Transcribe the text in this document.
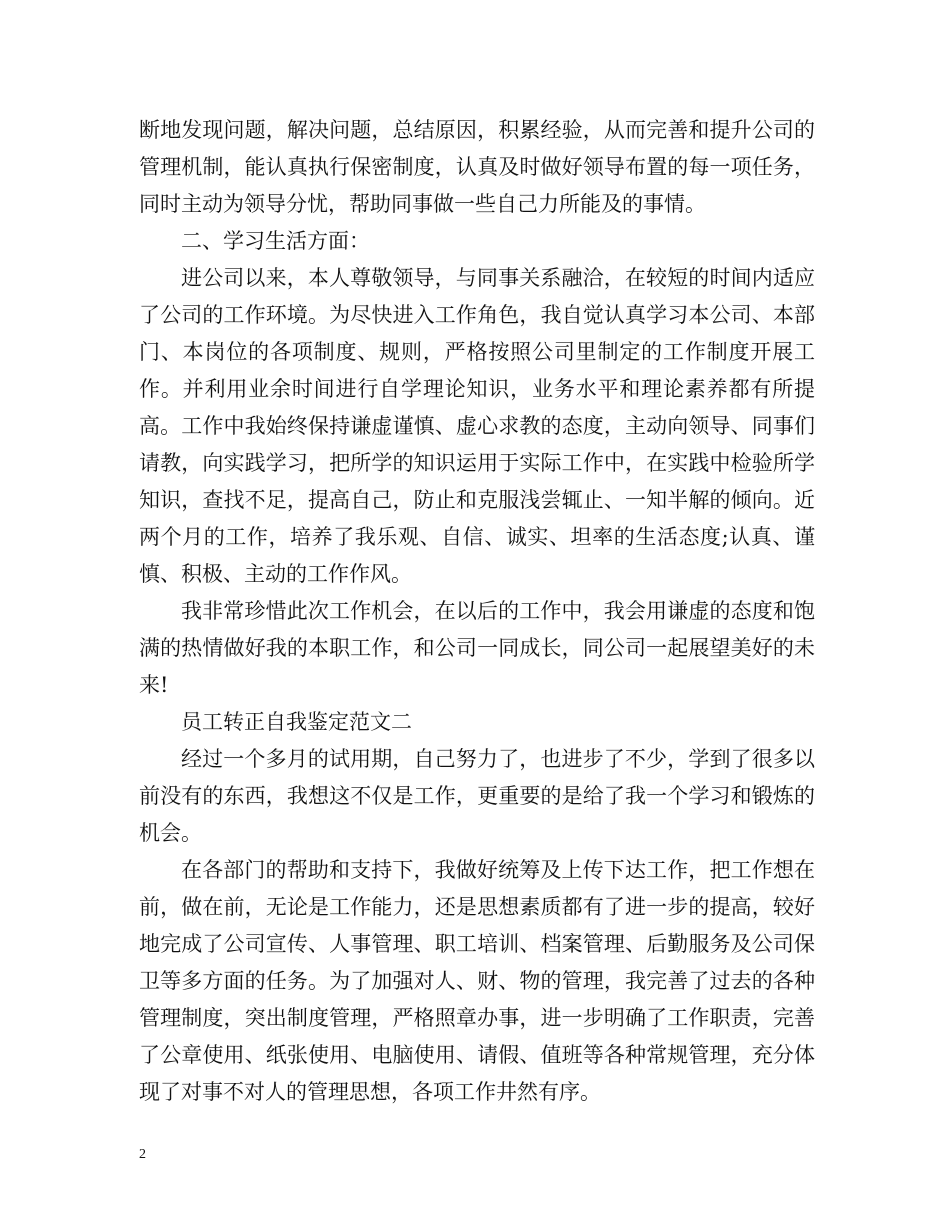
断地发现问题，解决问题，总结原因，积累经验，从而完善和提升公司的管理机制，能认真执行保密制度，认真及时做好领导布置的每一项任务，同时主动为领导分忧，帮助同事做一些自己力所能及的事情。

二、学习生活方面：

进公司以来，本人尊敬领导，与同事关系融洽，在较短的时间内适应了公司的工作环境。为尽快进入工作角色，我自觉认真学习本公司、本部门、本岗位的各项制度、规则，严格按照公司里制定的工作制度开展工作。并利用业余时间进行自学理论知识，业务水平和理论素养都有所提高。工作中我始终保持谦虚谨慎、虚心求教的态度，主动向领导、同事们请教，向实践学习，把所学的知识运用于实际工作中，在实践中检验所学知识，查找不足，提高自己，防止和克服浅尝辄止、一知半解的倾向。近两个月的工作，培养了我乐观、自信、诚实、坦率的生活态度;认真、谨慎、积极、主动的工作作风。

我非常珍惜此次工作机会，在以后的工作中，我会用谦虚的态度和饱满的热情做好我的本职工作，和公司一同成长，同公司一起展望美好的未来!

员工转正自我鉴定范文二

经过一个多月的试用期，自己努力了，也进步了不少，学到了很多以前没有的东西，我想这不仅是工作，更重要的是给了我一个学习和锻炼的机会。

在各部门的帮助和支持下，我做好统筹及上传下达工作，把工作想在前，做在前，无论是工作能力，还是思想素质都有了进一步的提高，较好地完成了公司宣传、人事管理、职工培训、档案管理、后勤服务及公司保卫等多方面的任务。为了加强对人、财、物的管理，我完善了过去的各种管理制度，突出制度管理，严格照章办事，进一步明确了工作职责，完善了公章使用、纸张使用、电脑使用、请假、值班等各种常规管理，充分体现了对事不对人的管理思想，各项工作井然有序。

2
